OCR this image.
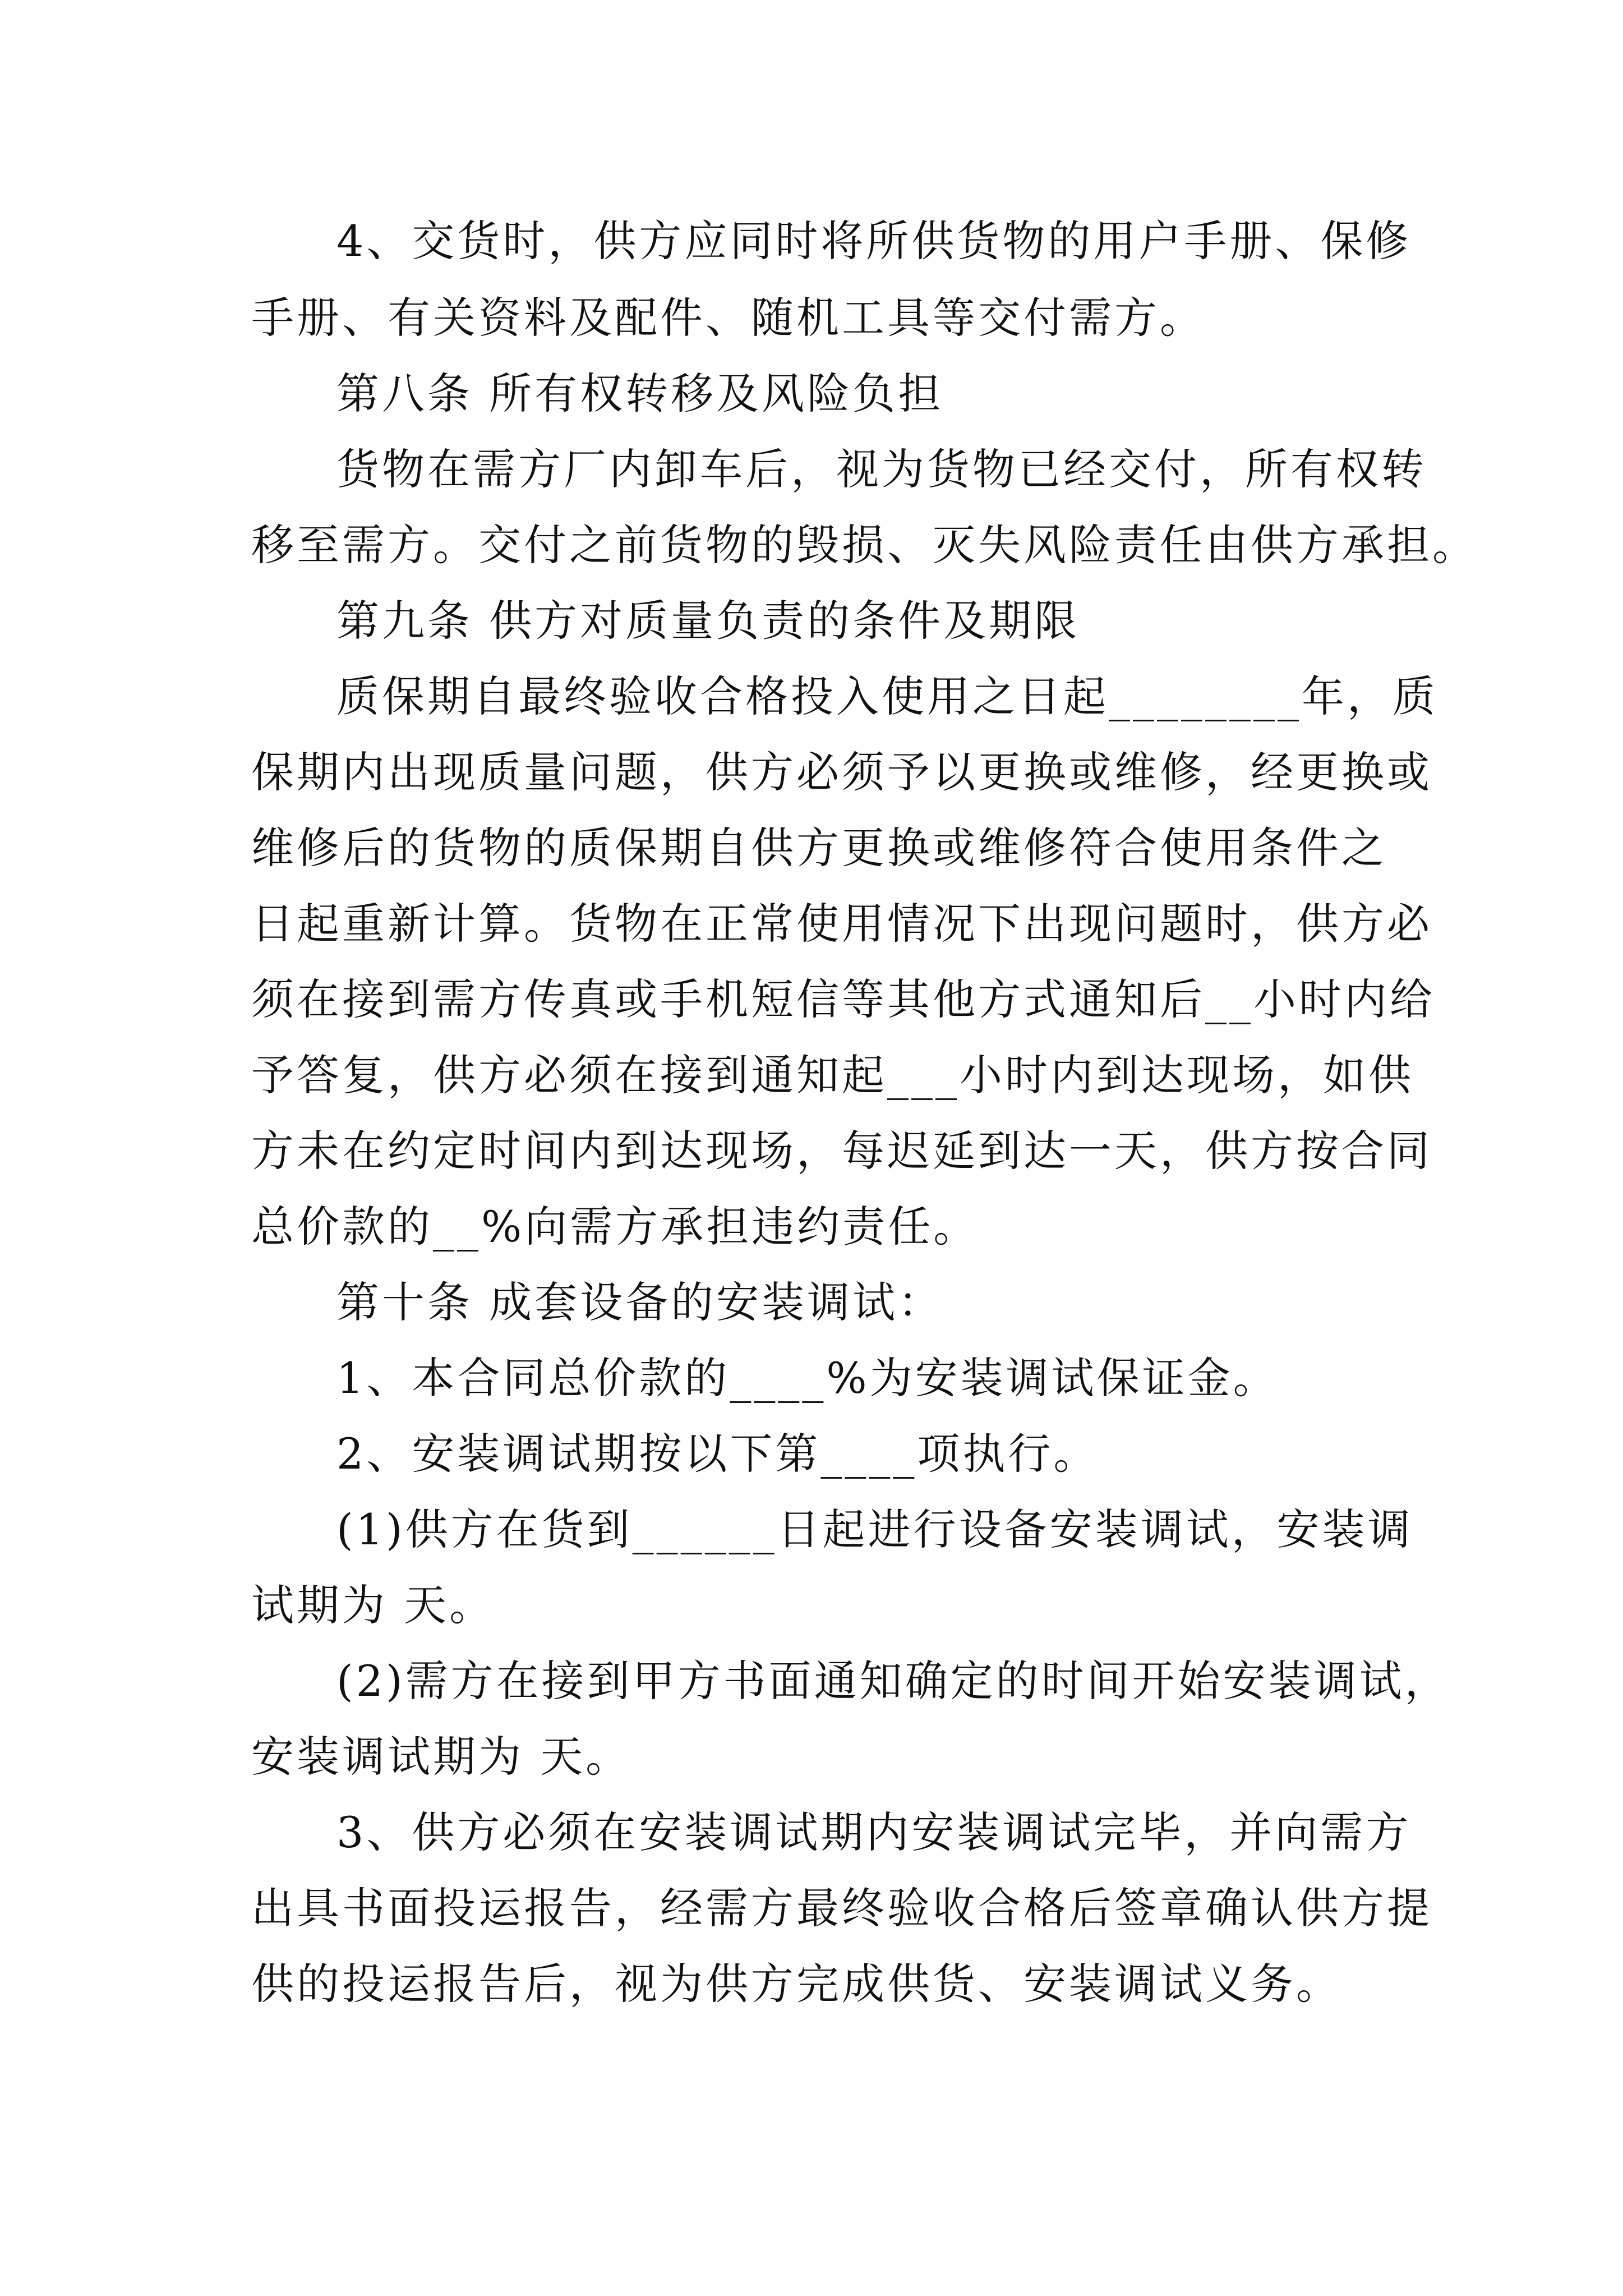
4、交货时，供方应同时将所供货物的用户手册、保修
手册、有关资料及配件、随机工具等交付需方。
第八条 所有权转移及风险负担
货物在需方厂内卸车后，视为货物已经交付，所有权转
移至需方。交付之前货物的毁损、灭失风险责任由供方承担。
第九条 供方对质量负责的条件及期限
质保期自最终验收合格投入使用之日起________年，质
保期内出现质量问题，供方必须予以更换或维修，经更换或
维修后的货物的质保期自供方更换或维修符合使用条件之
日起重新计算。货物在正常使用情况下出现问题时，供方必
须在接到需方传真或手机短信等其他方式通知后__小时内给
予答复，供方必须在接到通知起___小时内到达现场，如供
方未在约定时间内到达现场，每迟延到达一天，供方按合同
总价款的__%向需方承担违约责任。
第十条 成套设备的安装调试：
1、本合同总价款的____%为安装调试保证金。
2、安装调试期按以下第____项执行。
(1)供方在货到______日起进行设备安装调试，安装调
试期为 天。
(2)需方在接到甲方书面通知确定的时间开始安装调试，
安装调试期为 天。
3、供方必须在安装调试期内安装调试完毕，并向需方
出具书面投运报告，经需方最终验收合格后签章确认供方提
供的投运报告后，视为供方完成供货、安装调试义务。
